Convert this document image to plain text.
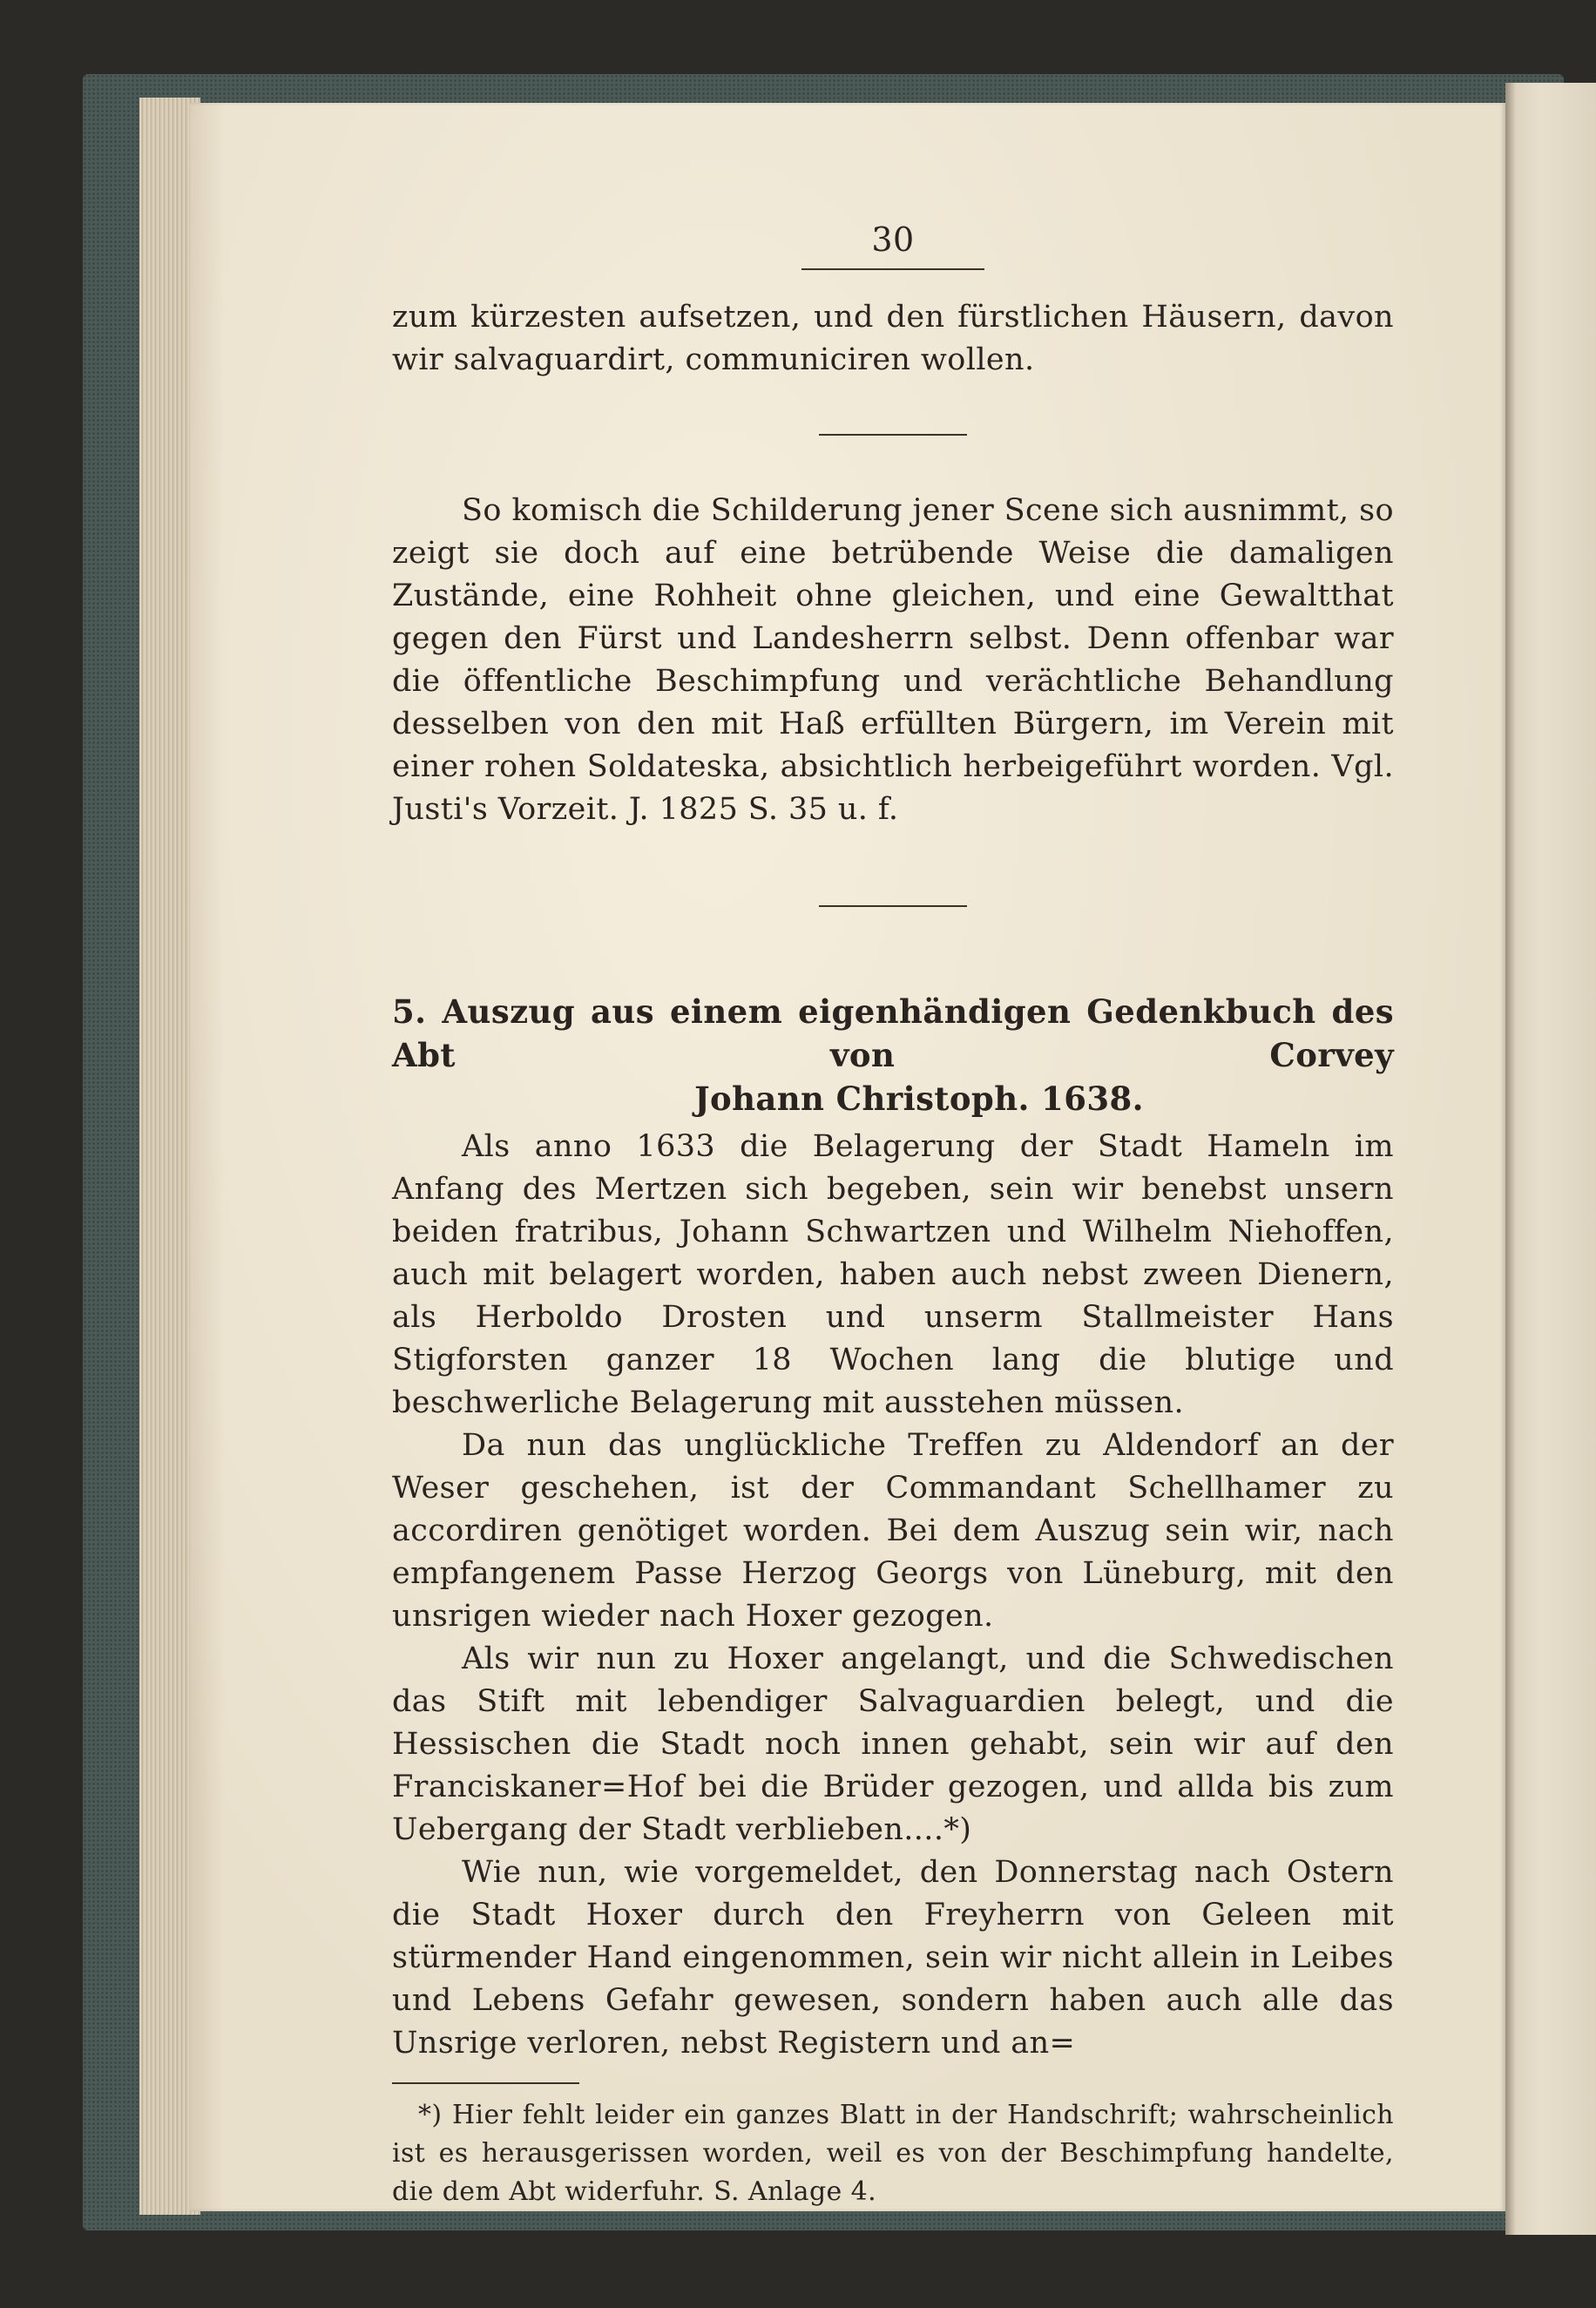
30

zum kürzesten aufsetzen, und den fürstlichen Häusern, davon wir salvaguardirt, communiciren wollen.

So komisch die Schilderung jener Scene sich ausnimmt, so zeigt sie doch auf eine betrübende Weise die damaligen Zustände, eine Rohheit ohne gleichen, und eine Gewaltthat gegen den Fürst und Landesherrn selbst. Denn offenbar war die öffentliche Beschimpfung und verächtliche Behandlung desselben von den mit Haß erfüllten Bürgern, im Verein mit einer rohen Soldateska, absichtlich herbeigeführt worden. Vgl. Justi's Vorzeit. J. 1825 S. 35 u. f.

5. Auszug aus einem eigenhändigen Gedenkbuch des Abt von Corvey
Johann Christoph. 1638.

Als anno 1633 die Belagerung der Stadt Hameln im Anfang des Mertzen sich begeben, sein wir benebst unsern beiden fratribus, Johann Schwartzen und Wilhelm Niehoffen, auch mit belagert worden, haben auch nebst zween Dienern, als Herboldo Drosten und unserm Stallmeister Hans Stigforsten ganzer 18 Wochen lang die blutige und beschwerliche Belagerung mit ausstehen müssen.

Da nun das unglückliche Treffen zu Aldendorf an der Weser geschehen, ist der Commandant Schellhamer zu accordiren genötiget worden. Bei dem Auszug sein wir, nach empfangenem Passe Herzog Georgs von Lüneburg, mit den unsrigen wieder nach Hoxer gezogen.

Als wir nun zu Hoxer angelangt, und die Schwedischen das Stift mit lebendiger Salvaguardien belegt, und die Hessischen die Stadt noch innen gehabt, sein wir auf den Franciskaner=Hof bei die Brüder gezogen, und allda bis zum Uebergang der Stadt verblieben....*)

Wie nun, wie vorgemeldet, den Donnerstag nach Ostern die Stadt Hoxer durch den Freyherrn von Geleen mit stürmender Hand eingenommen, sein wir nicht allein in Leibes und Lebens Gefahr gewesen, sondern haben auch alle das Unsrige verloren, nebst Registern und an=

*) Hier fehlt leider ein ganzes Blatt in der Handschrift; wahrscheinlich ist es herausgerissen worden, weil es von der Beschimpfung handelte, die dem Abt widerfuhr. S. Anlage 4.
